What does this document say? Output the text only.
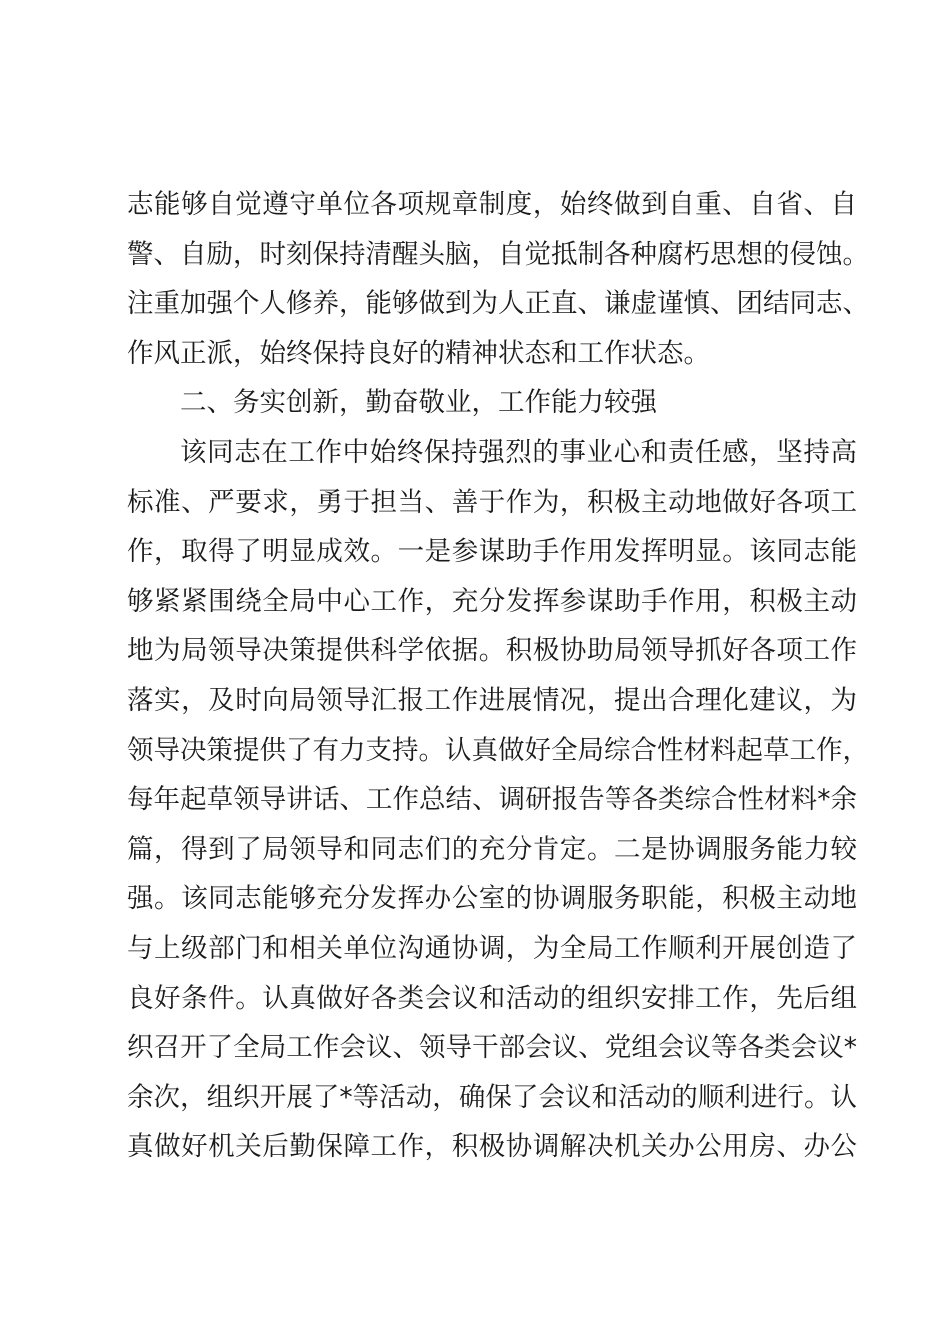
志能够自觉遵守单位各项规章制度，始终做到自重、自省、自
警、自励，时刻保持清醒头脑，自觉抵制各种腐朽思想的侵蚀。
注重加强个人修养，能够做到为人正直、谦虚谨慎、团结同志、
作风正派，始终保持良好的精神状态和工作状态。
二、务实创新，勤奋敬业，工作能力较强
该同志在工作中始终保持强烈的事业心和责任感，坚持高
标准、严要求，勇于担当、善于作为，积极主动地做好各项工
作，取得了明显成效。一是参谋助手作用发挥明显。该同志能
够紧紧围绕全局中心工作，充分发挥参谋助手作用，积极主动
地为局领导决策提供科学依据。积极协助局领导抓好各项工作
落实，及时向局领导汇报工作进展情况，提出合理化建议，为
领导决策提供了有力支持。认真做好全局综合性材料起草工作，
每年起草领导讲话、工作总结、调研报告等各类综合性材料*余
篇，得到了局领导和同志们的充分肯定。二是协调服务能力较
强。该同志能够充分发挥办公室的协调服务职能，积极主动地
与上级部门和相关单位沟通协调，为全局工作顺利开展创造了
良好条件。认真做好各类会议和活动的组织安排工作，先后组
织召开了全局工作会议、领导干部会议、党组会议等各类会议*
余次，组织开展了*等活动，确保了会议和活动的顺利进行。认
真做好机关后勤保障工作，积极协调解决机关办公用房、办公
